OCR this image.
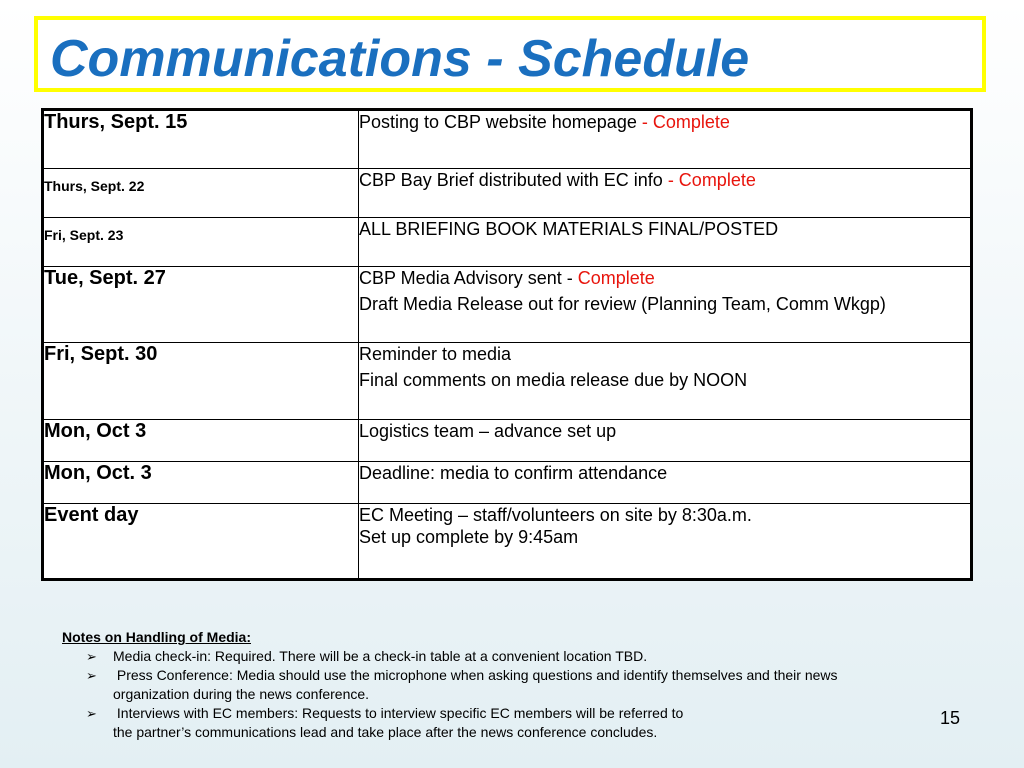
Communications - Schedule
Thurs, Sept. 15	Posting to CBP website homepage - Complete

Thurs, Sept. 22	CBP Bay Brief distributed with EC info - Complete

Fri, Sept. 23	ALL BRIEFING BOOK MATERIALS FINAL/POSTED

Tue, Sept. 27	CBP Media Advisory sent - Complete
Draft Media Release out for review (Planning Team, Comm Wkgp)

Fri, Sept. 30	Reminder to media
Final comments on media release due by NOON

Mon, Oct 3	Logistics team – advance set up

Mon, Oct. 3	Deadline: media to confirm attendance

Event day	EC Meeting – staff/volunteers on site by 8:30a.m.
Set up complete by 9:45am
Notes on Handling of Media:
➢ Media check-in: Required. There will be a check-in table at a convenient location TBD.
➢ Press Conference: Media should use the microphone when asking questions and identify themselves and their news
organization during the news conference.
➢ Interviews with EC members: Requests to interview specific EC members will be referred to
the partner’s communications lead and take place after the news conference concludes.
15
